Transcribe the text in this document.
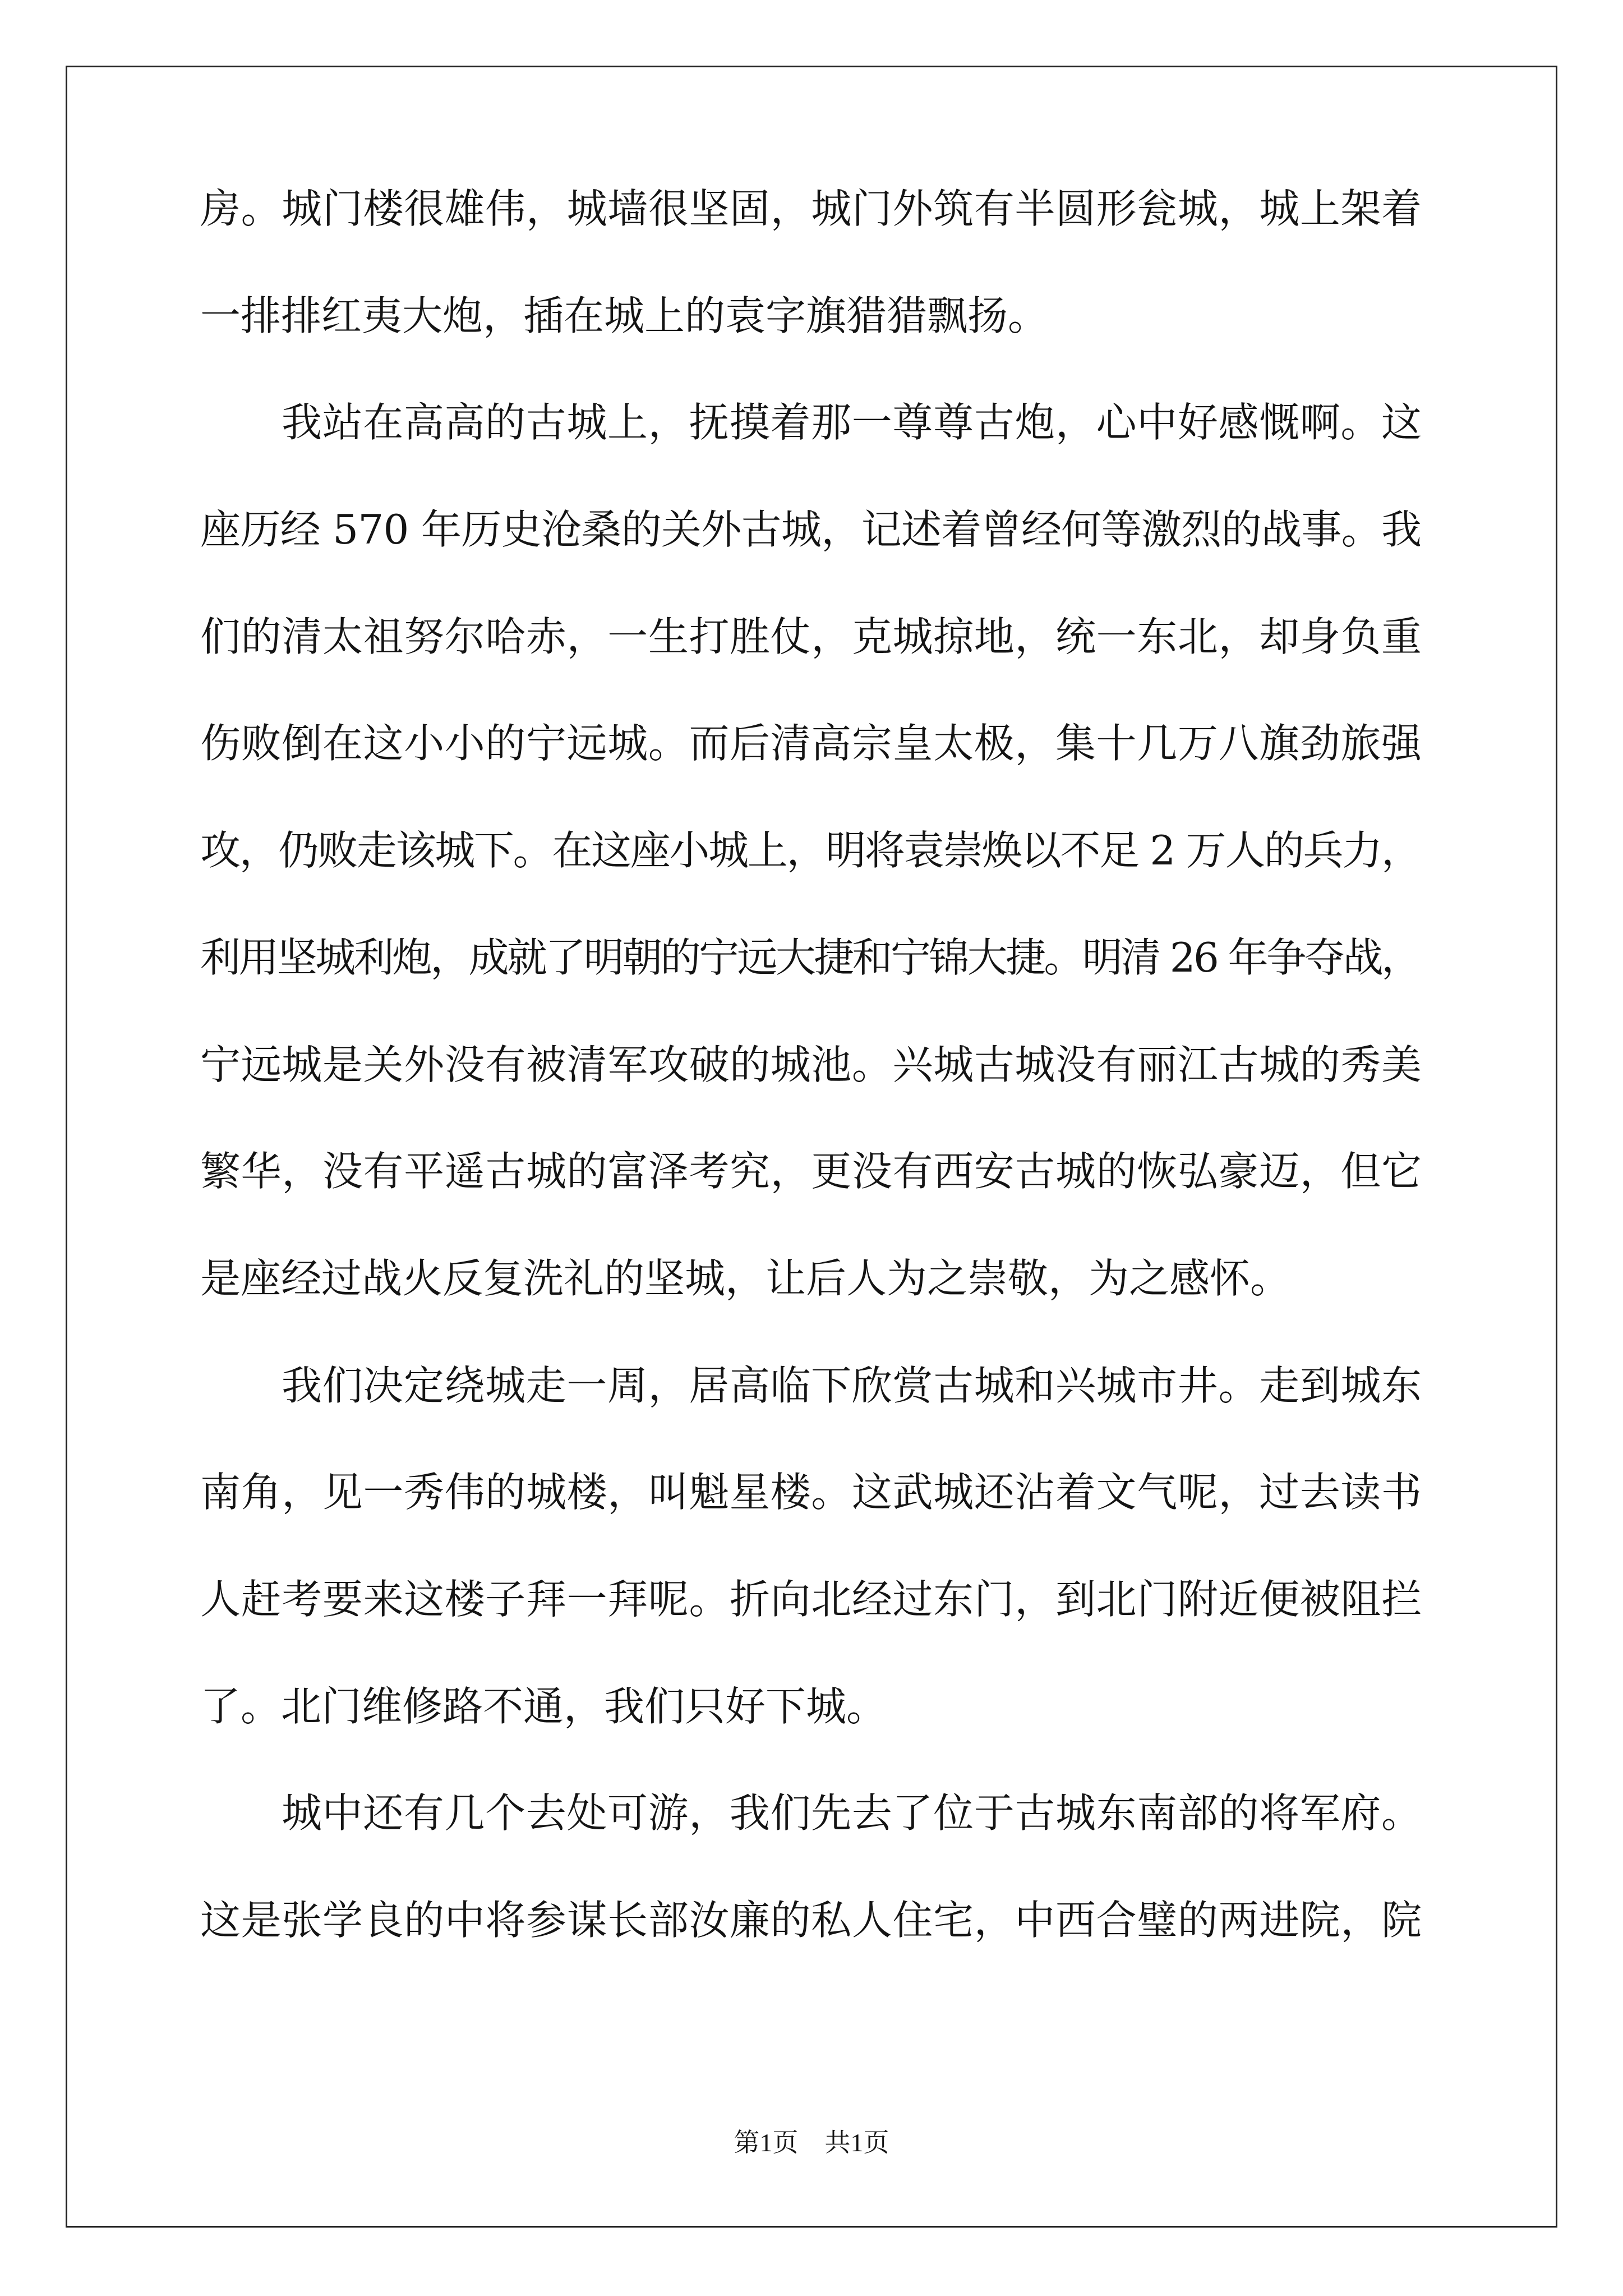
房。城门楼很雄伟，城墙很坚固，城门外筑有半圆形瓮城，城上架着
一排排红夷大炮，插在城上的袁字旗猎猎飘扬。
我站在高高的古城上，抚摸着那一尊尊古炮，心中好感慨啊。这
座历经 570 年历史沧桑的关外古城，记述着曾经何等激烈的战事。我
们的清太祖努尔哈赤，一生打胜仗，克城掠地，统一东北，却身负重
伤败倒在这小小的宁远城。而后清高宗皇太极，集十几万八旗劲旅强
攻，仍败走该城下。在这座小城上，明将袁崇焕以不足 2 万人的兵力，
利用坚城利炮，成就了明朝的宁远大捷和宁锦大捷。明清 26 年争夺战，
宁远城是关外没有被清军攻破的城池。兴城古城没有丽江古城的秀美
繁华，没有平遥古城的富泽考究，更没有西安古城的恢弘豪迈，但它
是座经过战火反复洗礼的坚城，让后人为之崇敬，为之感怀。
我们决定绕城走一周，居高临下欣赏古城和兴城市井。走到城东
南角，见一秀伟的城楼，叫魁星楼。这武城还沾着文气呢，过去读书
人赶考要来这楼子拜一拜呢。折向北经过东门，到北门附近便被阻拦
了。北门维修路不通，我们只好下城。
城中还有几个去处可游，我们先去了位于古城东南部的将军府。
这是张学良的中将参谋长部汝廉的私人住宅，中西合璧的两进院，院
第1页 共1页
